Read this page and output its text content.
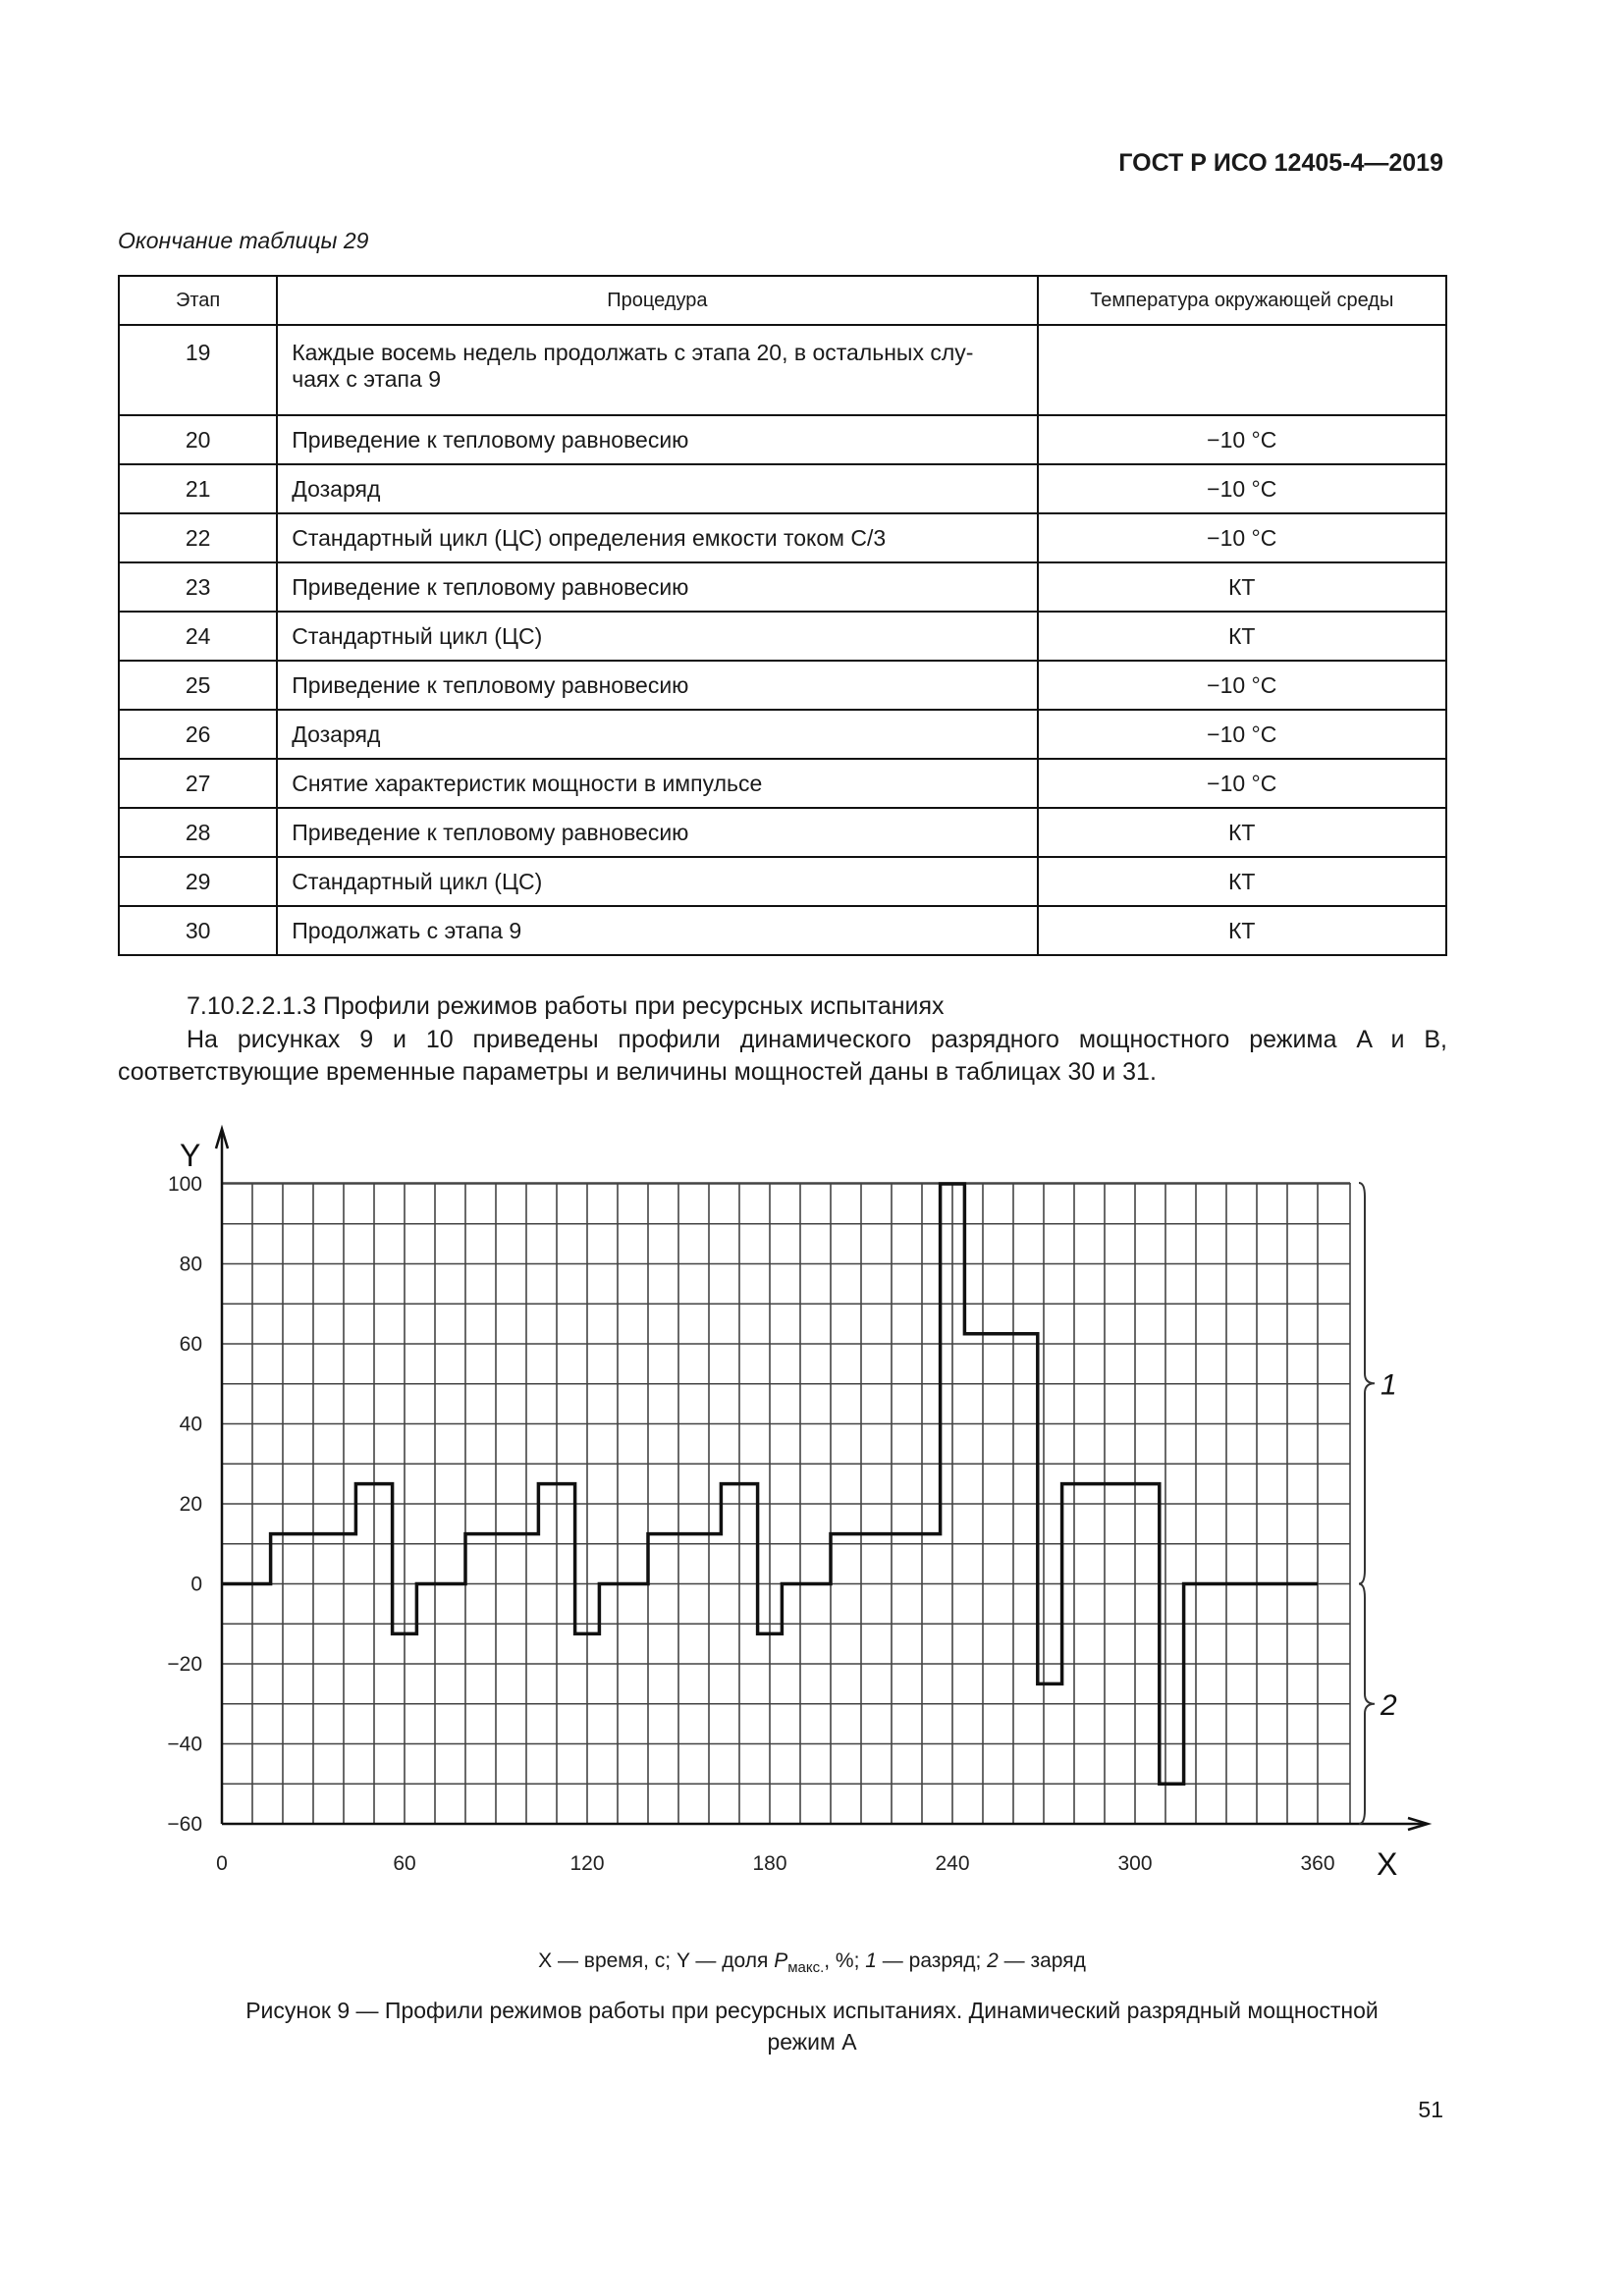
ГОСТ Р ИСО 12405-4—2019
Окончание таблицы 29
Этап	Процедура	Температура окружающей среды
19	Каждые восемь недель продолжать с этапа 20, в остальных слу-
чаях с этапа 9	
20	Приведение к тепловому равновесию	−10 °C
21	Дозаряд	−10 °C
22	Стандартный цикл (ЦС) определения емкости током C/3	−10 °C
23	Приведение к тепловому равновесию	КТ
24	Стандартный цикл (ЦС)	КТ
25	Приведение к тепловому равновесию	−10 °C
26	Дозаряд	−10 °C
27	Снятие характеристик мощности в импульсе	−10 °C
28	Приведение к тепловому равновесию	КТ
29	Стандартный цикл (ЦС)	КТ
30	Продолжать с этапа 9	КТ
7.10.2.2.1.3 Профили режимов работы при ресурсных испытаниях
На рисунках 9 и 10 приведены профили динамического разрядного мощностного режима A и B, соответствующие временные параметры и величины мощностей даны в таблицах 30 и 31.
Y
X
100
80
60
40
20
0
−20
−40
−60
0	60	120	180	240	300	360
1
2
X — время, с; Y — доля $P_{макс.}$, %; 1 — разряд; 2 — заряд
Рисунок 9 — Профили режимов работы при ресурсных испытаниях. Динамический разрядный мощностной
режим A
51
